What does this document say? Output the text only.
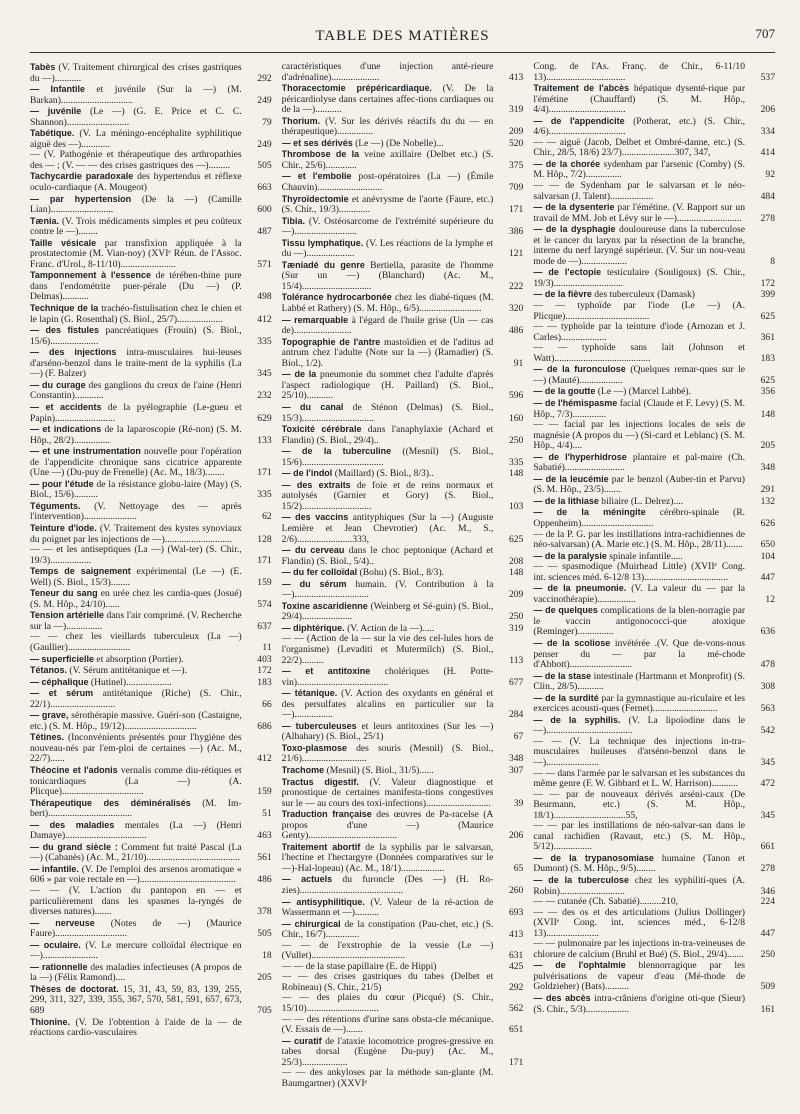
TABLE DES MATIÈRES	707
Tabès (V. Traitement chirurgical des crises gastriques du —)...........	292
— Infantile et juvénile (Sur la —) (M. Barkan)..............................	249
— juvénile (Le —) (G. E. Price et C. C. Shannon)..........................	79
Tabétique. (V. La méningo-encéphalite syphilitique aiguë des —)............	249
— (V. Pathogénie et thérapeutique des arthropathies des — ; (V. — — des crises gastriques des —).........	505
Tachycardie paradoxale des hypertendus et réflexe oculo-cardiaque (A. Mougeot)	663
— par hypertension (De la —) (Camille Lian)..........................	600
Tænia. (V. Trois médicaments simples et peu coûteux contre le —)........	487
Taille vésicale par transfixion appliquée à la prostatectomie (M. Vian-noy) (XVIᵉ Réun. de l'Assoc. Franc. d'Urol., 8-11/10).......................	571
Tamponnement à l'essence de térében-thine pure dans l'endométrite puer-pérale (Du —) (P. Delmas)...........	498
Technique de la trachéo-fistulisation chez le chien et le lapin (G. Rosenthal) (S. Biol., 25/7)...................	412
— des fistules pancréatiques (Frouin) (S. Biol., 15/6)....................	335
— des injections intra-musculaires hui-leuses d'arséno-benzol dans le traite-ment de la syphilis (La —) (F. Balzer)	345
— du curage des ganglions du creux de l'aine (Henri Constantin)............	232
— et accidents de la pyélographie (Le-gueu et Papin).........................	629
— et indications de la laparoscopie (Ré-non) (S. M. Hôp., 28/2)...............	133
— et une instrumentation nouvelle pour l'opération de l'appendicite chronique sans cicatrice apparente (Une —) (Du-puy de Frenelle) (Ac. M., 18/3)........	171
— pour l'étude de la résistance globu-laire (May) (S. Biol., 15/6)..........	335
Téguments. (V. Nettoyage des — après l'intervention)......................	62
Teinture d'iode. (V. Traitement des kystes synoviaux du poignet par les injections de —)............................	128
— — et les antiseptiques (La —) (Wal-ter) (S. Chir., 19/3).................	171
Temps de saignement expérimental (Le —) (E. Well) (S. Biol., 15/3)........	159
Teneur du sang en urée chez les cardia-ques (Josué) (S. M. Hôp., 24/10)......	574
Tension artérielle dans l'air comprimé. (V. Recherche sur la —)...............	637
— — chez les vieillards tuberculeux (La —) (Gaullier)..........................	11
— superficielle et absorption (Portier).	403
Tétanos. (V. Sérum antitétanique et —).	172
— céphalique (Hutinel)...................	183
— et sérum antitétanique (Riche) (S. Chir., 22/1)...........................	66
— grave, sérothérapie massive. Guéri-son (Castaigne, etc.) (S. M. Hôp., 19/12)..............................	686
Tétines. (Inconvénients présentés pour l'hygiène des nouveau-nés par l'em-ploi de certaines —) (Ac. M., 22/7)......	412
Théocine et l'adonis vernalis comme diu-rétiques et tonicardiaques (La —) (A. Plicque)..................................	159
Thérapeutique des déminéralisés (M. Im-bert)...................................	51
— des maladies mentales (La —) (Henri Damaye)..................................	463
— du grand siècle : Comment fut traité Pascal (La —) (Cabanès) (Ac. M., 21/10).......................................	561
— infantile. (V. De l'emploi des arsenos aromatique « 606 » par voie rectale en —)........................................	486
— — (V. L'action du pantopon en — et particulièrement dans les spasmes la-ryngés de diverses natures).......	378
— nerveuse (Notes de —) (Maurice Faure)..............................	505
— oculaire. (V. Le mercure colloïdal électrique en —).......................	18
— rationnelle des maladies infectieuses (A propos de la —) (Félix Ramond)....	205
Thèses de doctorat. 15, 31, 43, 59, 83, 139, 255, 299, 311, 327, 339, 355, 367, 570, 581, 591, 657, 673, 689	705
Thionine. (V. De l'obtention à l'aide de la — de réactions cardio-vasculaires
caractéristiques d'une injection anté-rieure d'adrénaline)....................	413
Thoracectomie prépéricardiaque. (V. De la péricardiolyse dans certaines affec-tions cardiaques ou de la —)...........	319
Thorium. (V. Sur les dérivés réactifs du du — en thérapeutique)...............	209
— et ses dérivés (Le —) (De Nobelle)...	520
Thrombose de la veine axillaire (Delbet etc.) (S. Chir., 25/6).............	375
— et l'embolie post-opératoires (La —) (Émile Chauvin)...........................	709
Thyroïdectomie et anévrysme de l'aorte (Faure, etc.) (S. Chir., 19/3).............	171
Tibia. (V. Ostéosarcome de l'extrémité supérieure du —)..........................	386
Tissu lymphatique. (V. Les réactions de la lymphe et du —)....................	121
Tæniadé du genre Bertiella, parasite de l'homme (Sur un —) (Blanchard) (Ac. M., 15/4).............................	222
Tolérance hydrocarbonée chez les diabé-tiques (M. Labbé et Rathery) (S. M. Hôp., 6/5)..........................	320
— remarquable à l'égard de l'huile grise (Un — cas de)........................	486
Topographie de l'antre mastoïdien et de l'aditus ad antrum chez l'adulte (Note sur la —) (Ramadier) (S. Biol., 1/2).	91
— de la pneumonie du sommet chez l'adulte d'après l'aspect radiologique (H. Paillard) (S. Biol., 25/10)...........	596
— du canal de Sténon (Delmas) (S. Biol., 15/3)..............................	160
Toxicité cérébrale dans l'anaphylaxie (Achard et Flandin) (S. Biol., 29/4)..	250
— de la tuberculine ((Mesnil) (S. Biol., 15/6)..................................	335
— de l'indol (Maillard) (S. Biol., 8/3)..	148
— des extraits de foie et de reins normaux et autolysés (Garnier et Gory) (S. Biol., 15/2).............................	103
— des vaccins antityphiques (Sur la —) (Auguste Lemière et Jean Chevrotier) (Ac. M., S., 2/6).......................333,	625
— du cerveau dans le choc peptonique (Achard et Flandin) (S. Biol., 5/4)..	208
— du fer colloïdal (Bohu) (S. Biol., 8/3).	148
— du sérum humain. (V. Contribution à la —)...............................	209
Toxine ascaridienne (Weinberg et Sé-guin) (S. Biol., 29/4).....................	250
— diphtérique. (V. Action de la —).....	319
— — (Action de la — sur la vie des cel-lules hors de l'organisme) (Levaditi et Mutermilch) (S. Biol., 22/2).........	113
— et antitoxine cholériques (H. Potte-vin)......................................	677
— tétanique. (V. Action des oxydants en général et des persulfates alcalins en particulier sur la —)................	284
— tuberculeuses et leurs antitoxines (Sur les —) (Albahary) (S. Biol., 25/1)	67
Toxo-plasmose des souris (Mesnil) (S. Biol., 21/6)...........................	348
Trachome (Mesnil) (S. Biol., 31/5)......	307
Tractus digestif. (V. Valeur diagnostique et pronostique de certaines manifesta-tions congestives sur le — au cours des toxi-infections)...........................	39
Traduction française des œuvres de Pa-racelse (A propos d'une —) (Maurice Genty).....................................	206
Traitement abortif de la syphilis par le salvarsan, l'hectine et l'hectargyre (Données comparatives sur le —)-Hal-lopeau) (Ac. M., 18/1)..................	65
— actuels du furoncle (Des —) (H. Ro-zies)...........................................	260
— antisyphilitique. (V. Valeur de la ré-action de Wassermann et —)..........	693
— chirurgical de la constipation (Pau-chet, etc.) (S. Chir., 16/7)..............	413
— — de l'exstrophie de la vessie (Le —) (Vullet).......................................	631
— — de la stase papillaire (E. de Hippi)	425
— — des crises gastriques du tabes (Delbet et Robineau) (S. Chir., 21/5)	292
— — des plaies du cœur (Picqué) (S. Chir., 15/10)..............................	562
— — des rétentions d'urine sans obsta-cle mécanique. (V. Essais de —).......	651
— curatif de l'ataxie locomotrice progres-gressive en tabes dorsal (Eugène Du-puy) (Ac. M., 25/3)...................	171
— — des ankyloses par la méthode san-glante (M. Baumgartner) (XXVIᵉ
Cong. de l'As. Franç. de Chir., 6-11/10 13).................................	537
Traitement de l'abcès hépatique dysenté-rique par l'émétine (Chauffard) (S. M. Hôp., 4/4)................................	206
— de l'appendicite (Potherat, etc.) (S. Chir., 4/6)................................	334
— — aiguë (Jacob, Delbet et Ombré-danne, etc.) (S. Chir., 28/5, 18/6) 23/7)......................307, 347,	414
— de la chorée sydenham par l'arsenic (Comby) (S. M. Hôp., 7/2)...............	92
— — de Sydenham par le salvarsan et le néo-salvarsan (J. Talent)..................	484
— de la dysenterie par l'émétine. (V. Rapport sur un travail de MM. Job et Lévy sur le —)...........................	278
— de la dysphagie douloureuse dans la tuberculose et le cancer du larynx par la résection de la branche, interne du nerf laryngé supérieur. (V. Sur un nou-veau mode de —)...................	8
— de l'ectopie testiculaire (Souligoux) (S. Chir., 19/3).............................	172
— de la fièvre des tuberculeux (Damask)	399
— — typhoïde par l'iode (Le —) (A. Plicque)...................................	625
— — typhoïde par la teinture d'iode (Arnozan et J. Carles)...................	361
— — typhoïde sans lait (Johnson et Watt)........................................	183
— de la furonculose (Quelques remar-ques sur le —) (Mauté)..................	625
— de la goutte (Le —) (Marcel Labbé).	356
— de l'hémispasme facial (Claude et F. Levy) (S. M. Hôp., 7/3)..............	148
— — facial par les injections locales de sels de magnésie (A propos du —) (Si-card et Leblanc) (S. M. Hôp., 4/4)....	205
— de l'hyperhidrose plantaire et pal-maire (Ch. Sabatié).........................	348
— de la leucémie par le benzol (Auber-tin et Parvu) (S. M. Hôp., 23/5).......	291
— de la lithiase biliaire (L. Delrez)....	132
— de la méningite cérébro-spinale (R. Oppenheim)..............................	626
— de la P. G. par les instillations intra-rachidiennes de néo-salvarsan) (A. Marie etc.) (S. M. Hôp., 28/11).......	650
— de la paralysie spinale infantile.....	104
— — spasmodique (Muirhead Little) (XVIIᵉ Cong. int. sciences méd. 6-12/8 13)...................................	447
— de la pneumonie. (V. La valeur du — par la vaccinothérapie)................	12
— de quelques complications de la blen-norragie par le vaccin antigonococci-que atoxique (Reminger)...............	636
— de la scoliose invétérée .(V. Que de-vons-nous penser du — par la mé-chode d'Abbott)..........................	478
— de la stase intestinale (Hartmann et Monprofit) (S. Clin., 28/5)...........	308
— de la surdité par la gymnastique au-riculaire et les exercices acousti-ques (Fernet)...........................	563
— de la syphilis. (V. La lipoïodine dans le —)....................................	542
— — (V. La technique des injections in-tra-musculaires huileuses d'arséno-benzol dans le —)......................	345
— — dans l'armée par le salvarsan et les substances du même genre (F. W. Gibbard et L. W. Harrison)...........	472
— — par de nouveaux dérivés arséni-caux (De Beurmann, etc.) (S. M. Hôp., 18/1)..............................55,	345
— — par les instillations de néo-salvar-san dans le canal rachidien (Ravaut, etc.) (S. M. Hôp., 5/12)................	661
— de la trypanosomiase humaine (Tanon et Dumont) (S. M. Hôp., 9/5)........	278
— de la tuberculose chez les syphiliti-ques (A. Robin)...........................	346
— — cutanée (Ch. Sabatié).........210,	224
— — des os et des articulations (Julius Dollinger) (XVIIᵉ Cong. int. sciences méd., 6-12/8 13)......................	447
— — pulmonaire par les injections in-tra-veineuses de chlorure de calcium (Bruhl et Bué) (S. Biol., 29/4).......	250
— de l'ophtalmie blennorragique par les pulvérisations de vapeur d'eau (Mé-thode de Goldzieher) (Bats)..........	509
— des abcès intra-crâniens d'origine oti-que (Sieur) (S. Chir., 5/3)..................	161
